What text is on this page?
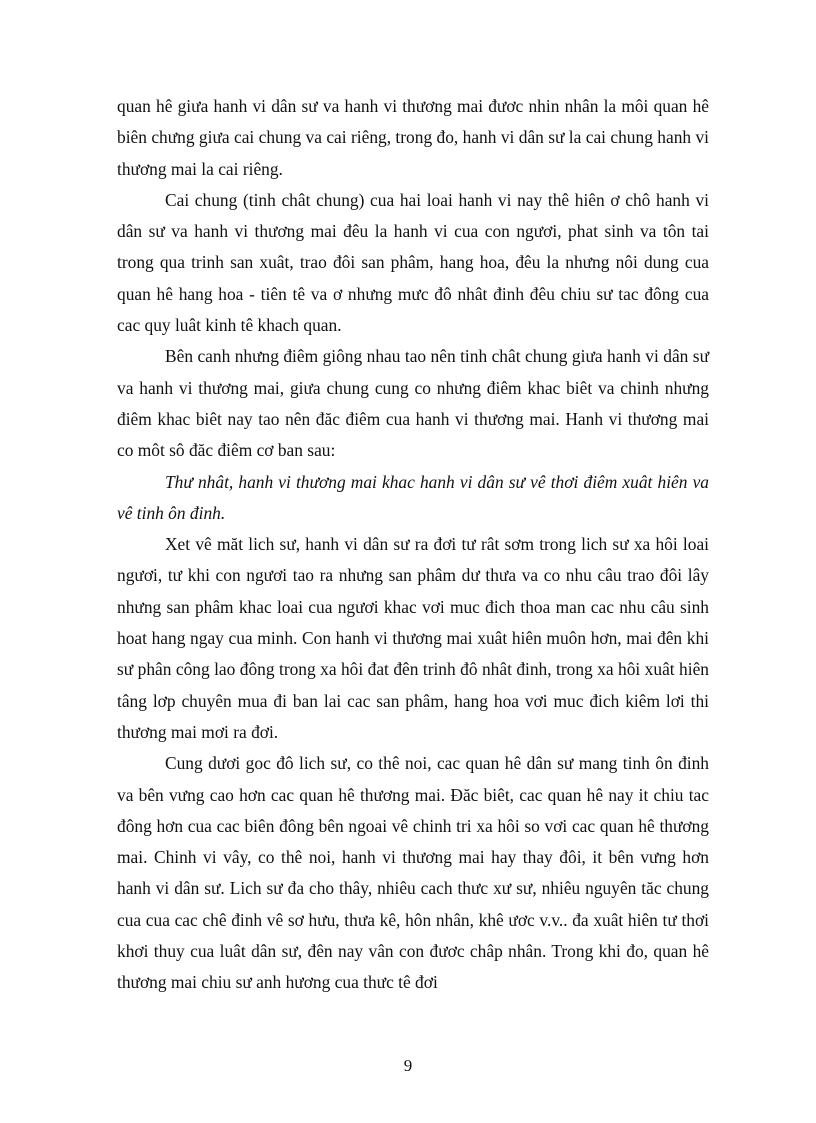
quan hê giưa hanh vi dân sư va hanh vi thương mai đươc nhin nhân la môi quan hê biên chưng giưa cai chung va cai riêng, trong đo, hanh vi dân sư la cai chung hanh vi thương mai la cai riêng.

Cai chung (tinh chât chung) cua hai loai hanh vi nay thê hiên ơ chô hanh vi dân sư va hanh vi thương mai đêu la hanh vi cua con ngươi, phat sinh va tôn tai trong qua trinh san xuât, trao đôi san phâm, hang hoa, đêu la nhưng nôi dung cua quan hê hang hoa - tiên tê va ơ nhưng mưc đô nhât đinh đêu chiu sư tac đông cua cac quy luât kinh tê khach quan.

Bên canh nhưng điêm giông nhau tao nên tinh chât chung giưa hanh vi dân sư va hanh vi thương mai, giưa chung cung co nhưng điêm khac biêt va chinh nhưng điêm khac biêt nay tao nên đăc điêm cua hanh vi thương mai. Hanh vi thương mai co môt sô đăc điêm cơ ban sau:

Thư nhât, hanh vi thương mai khac hanh vi dân sư vê thơi điêm xuât hiên va vê tinh ôn đinh.

Xet vê măt lich sư, hanh vi dân sư ra đơi tư rât sơm trong lich sư xa hôi loai ngươi, tư khi con ngươi tao ra nhưng san phâm dư thưa va co nhu câu trao đôi lây nhưng san phâm khac loai cua ngươi khac vơi muc đich thoa man cac nhu câu sinh hoat hang ngay cua minh. Con hanh vi thương mai xuât hiên muôn hơn, mai đên khi sư phân công lao đông trong xa hôi đat đên trinh đô nhât đinh, trong xa hôi xuât hiên tâng lơp chuyên mua đi ban lai cac san phâm, hang hoa vơi muc đich kiêm lơi thi thương mai mơi ra đơi.

Cung dươi goc đô lich sư, co thê noi, cac quan hê dân sư mang tinh ôn đinh va bên vưng cao hơn cac quan hê thương mai. Đăc biêt, cac quan hê nay it chiu tac đông hơn cua cac biên đông bên ngoai vê chinh tri xa hôi so vơi cac quan hê thương mai. Chinh vi vây, co thê noi, hanh vi thương mai hay thay đôi, it bên vưng hơn hanh vi dân sư. Lich sư đa cho thây, nhiêu cach thưc xư sư, nhiêu nguyên tăc chung cua cua cac chê đinh vê sơ hưu, thưa kê, hôn nhân, khê ươc v.v.. đa xuât hiên tư thơi khơi thuy cua luât dân sư, đên nay vân con đươc châp nhân. Trong khi đo, quan hê thương mai chiu sư anh hương cua thưc tê đơi

9
